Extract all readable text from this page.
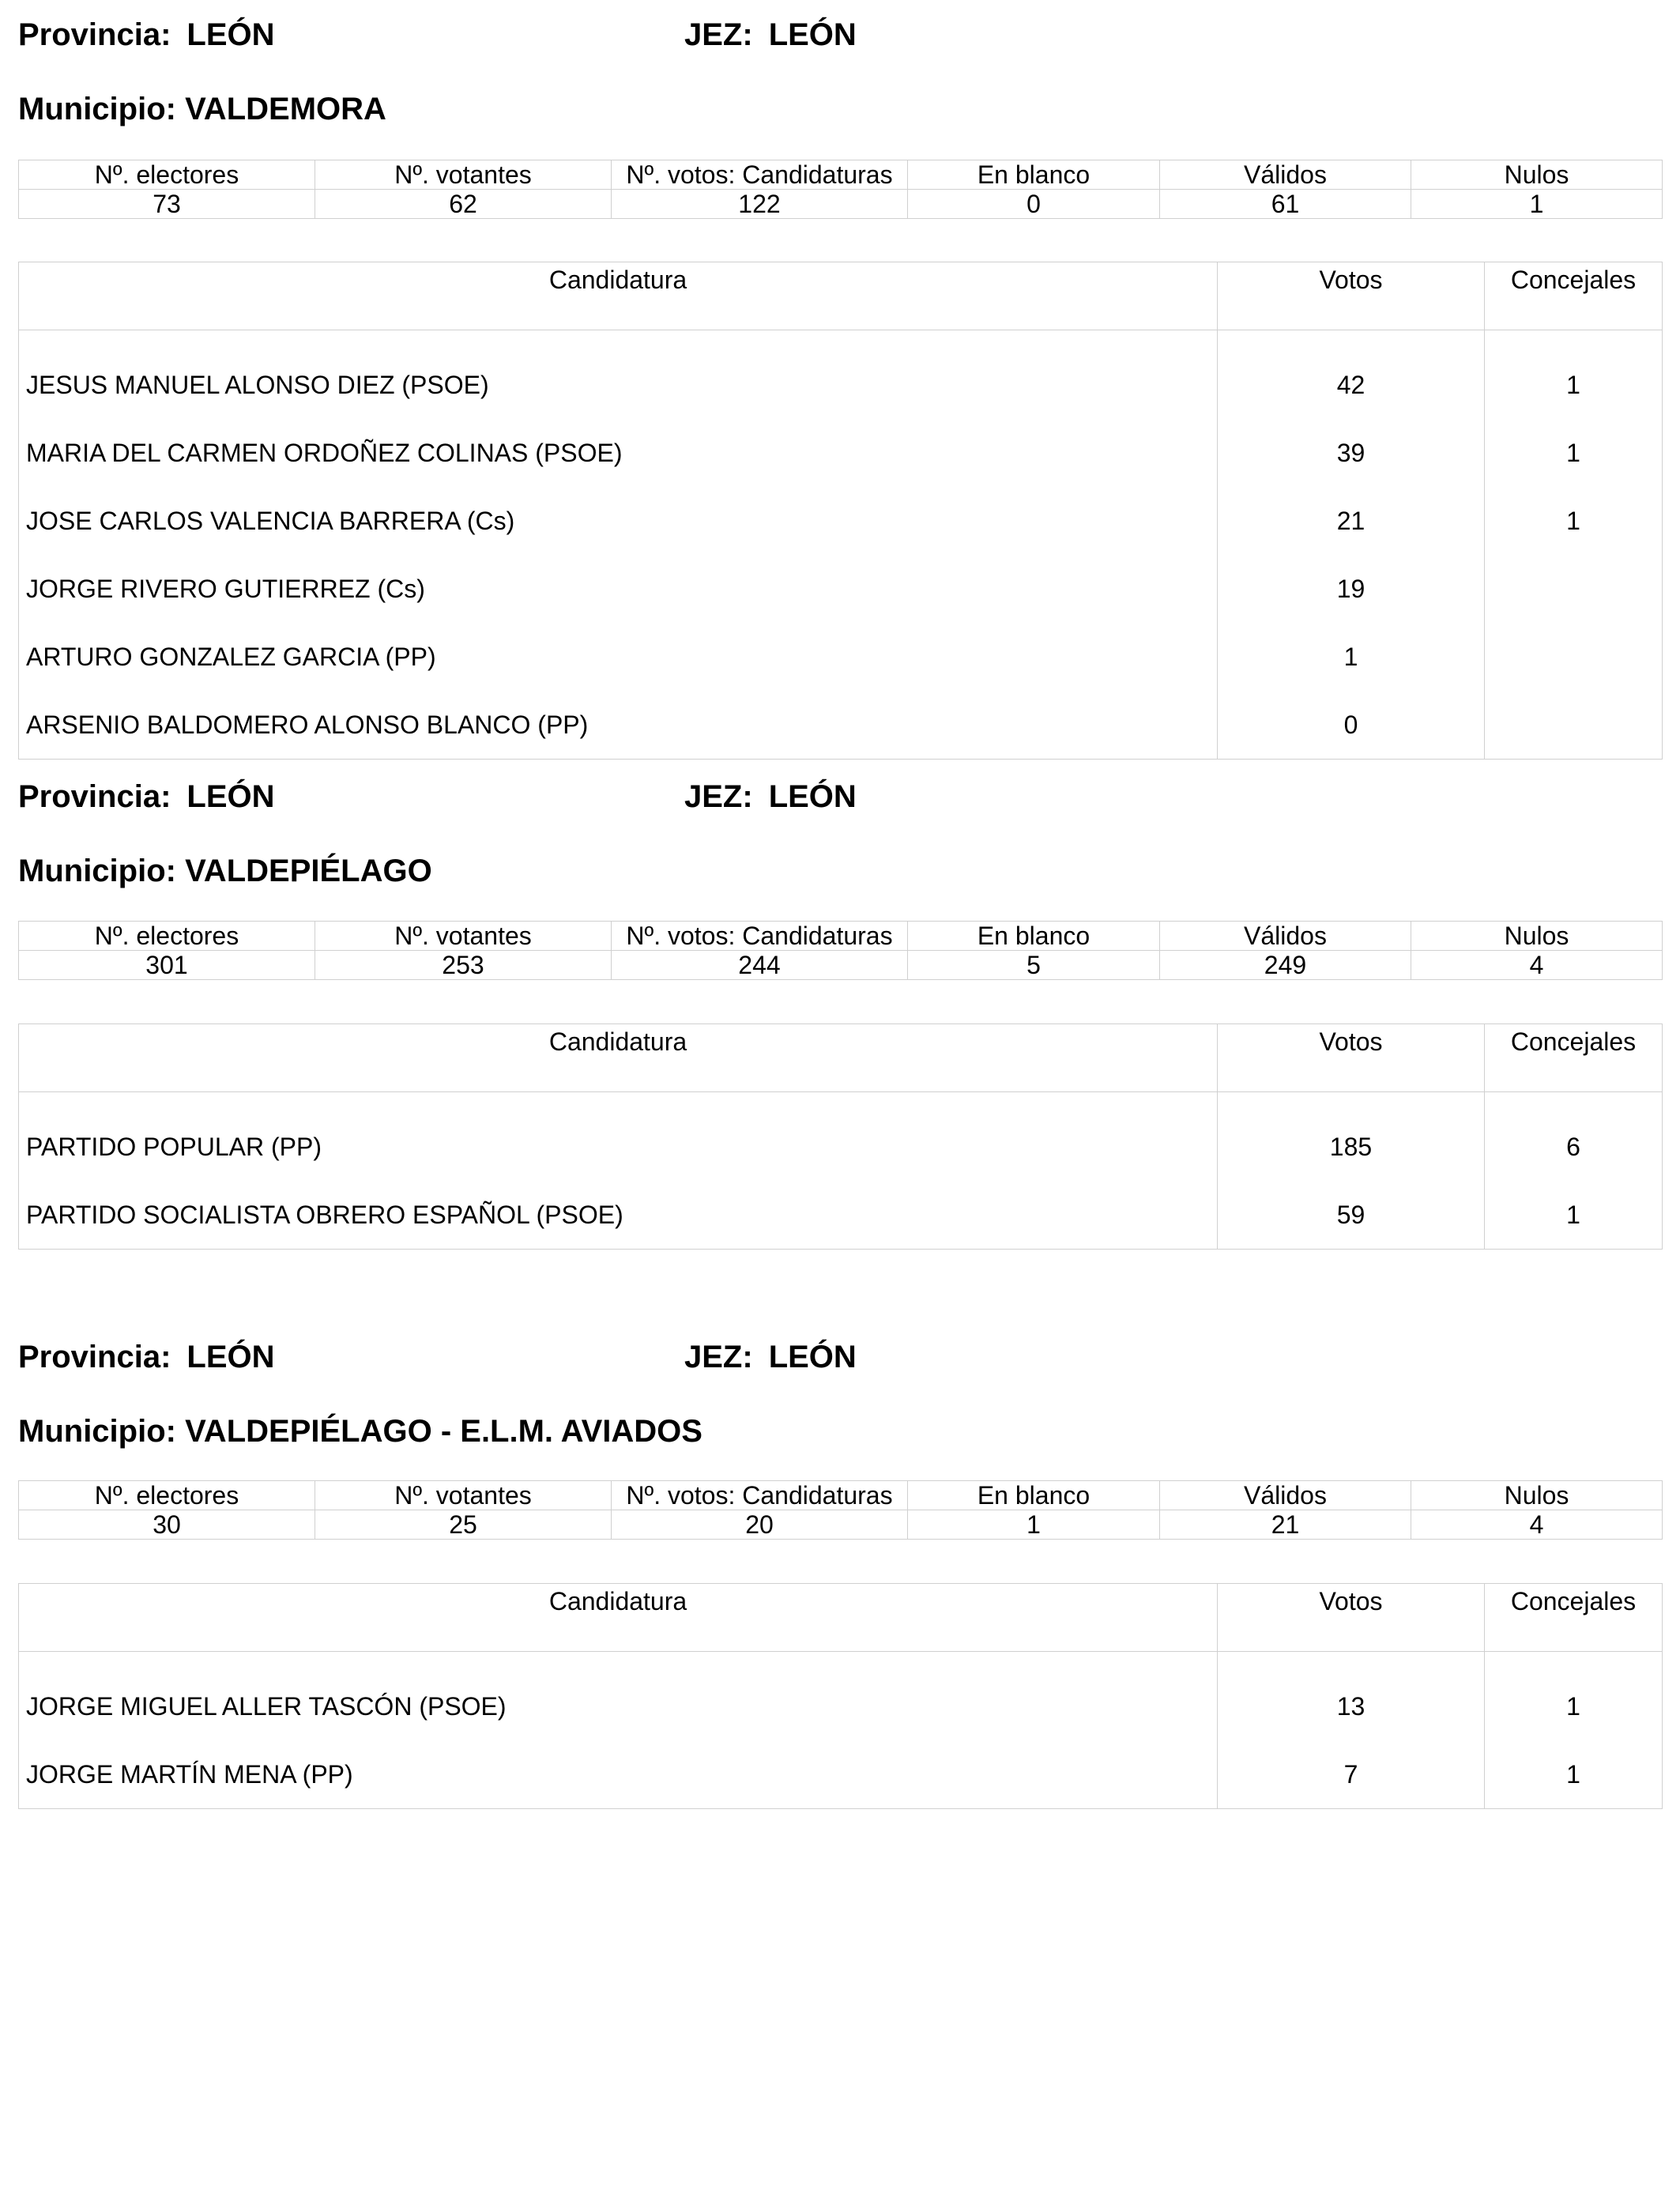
Provincia: LEÓN	JEZ: LEÓN
Municipio: VALDEMORA
Nº. electores	Nº. votantes	Nº. votos: Candidaturas	En blanco	Válidos	Nulos
73	62	122	0	61	1
Candidatura	Votos	Concejales
JESUS MANUEL ALONSO DIEZ (PSOE)	42	1
MARIA DEL CARMEN ORDOÑEZ COLINAS (PSOE)	39	1
JOSE CARLOS VALENCIA BARRERA (Cs)	21	1
JORGE RIVERO GUTIERREZ (Cs)	19	
ARTURO GONZALEZ GARCIA (PP)	1	
ARSENIO BALDOMERO ALONSO BLANCO (PP)	0	
Provincia: LEÓN	JEZ: LEÓN
Municipio: VALDEPIÉLAGO
Nº. electores	Nº. votantes	Nº. votos: Candidaturas	En blanco	Válidos	Nulos
301	253	244	5	249	4
Candidatura	Votos	Concejales
PARTIDO POPULAR (PP)	185	6
PARTIDO SOCIALISTA OBRERO ESPAÑOL (PSOE)	59	1
Provincia: LEÓN	JEZ: LEÓN
Municipio: VALDEPIÉLAGO - E.L.M. AVIADOS
Nº. electores	Nº. votantes	Nº. votos: Candidaturas	En blanco	Válidos	Nulos
30	25	20	1	21	4
Candidatura	Votos	Concejales
JORGE MIGUEL ALLER TASCÓN (PSOE)	13	1
JORGE MARTÍN MENA (PP)	7	1
